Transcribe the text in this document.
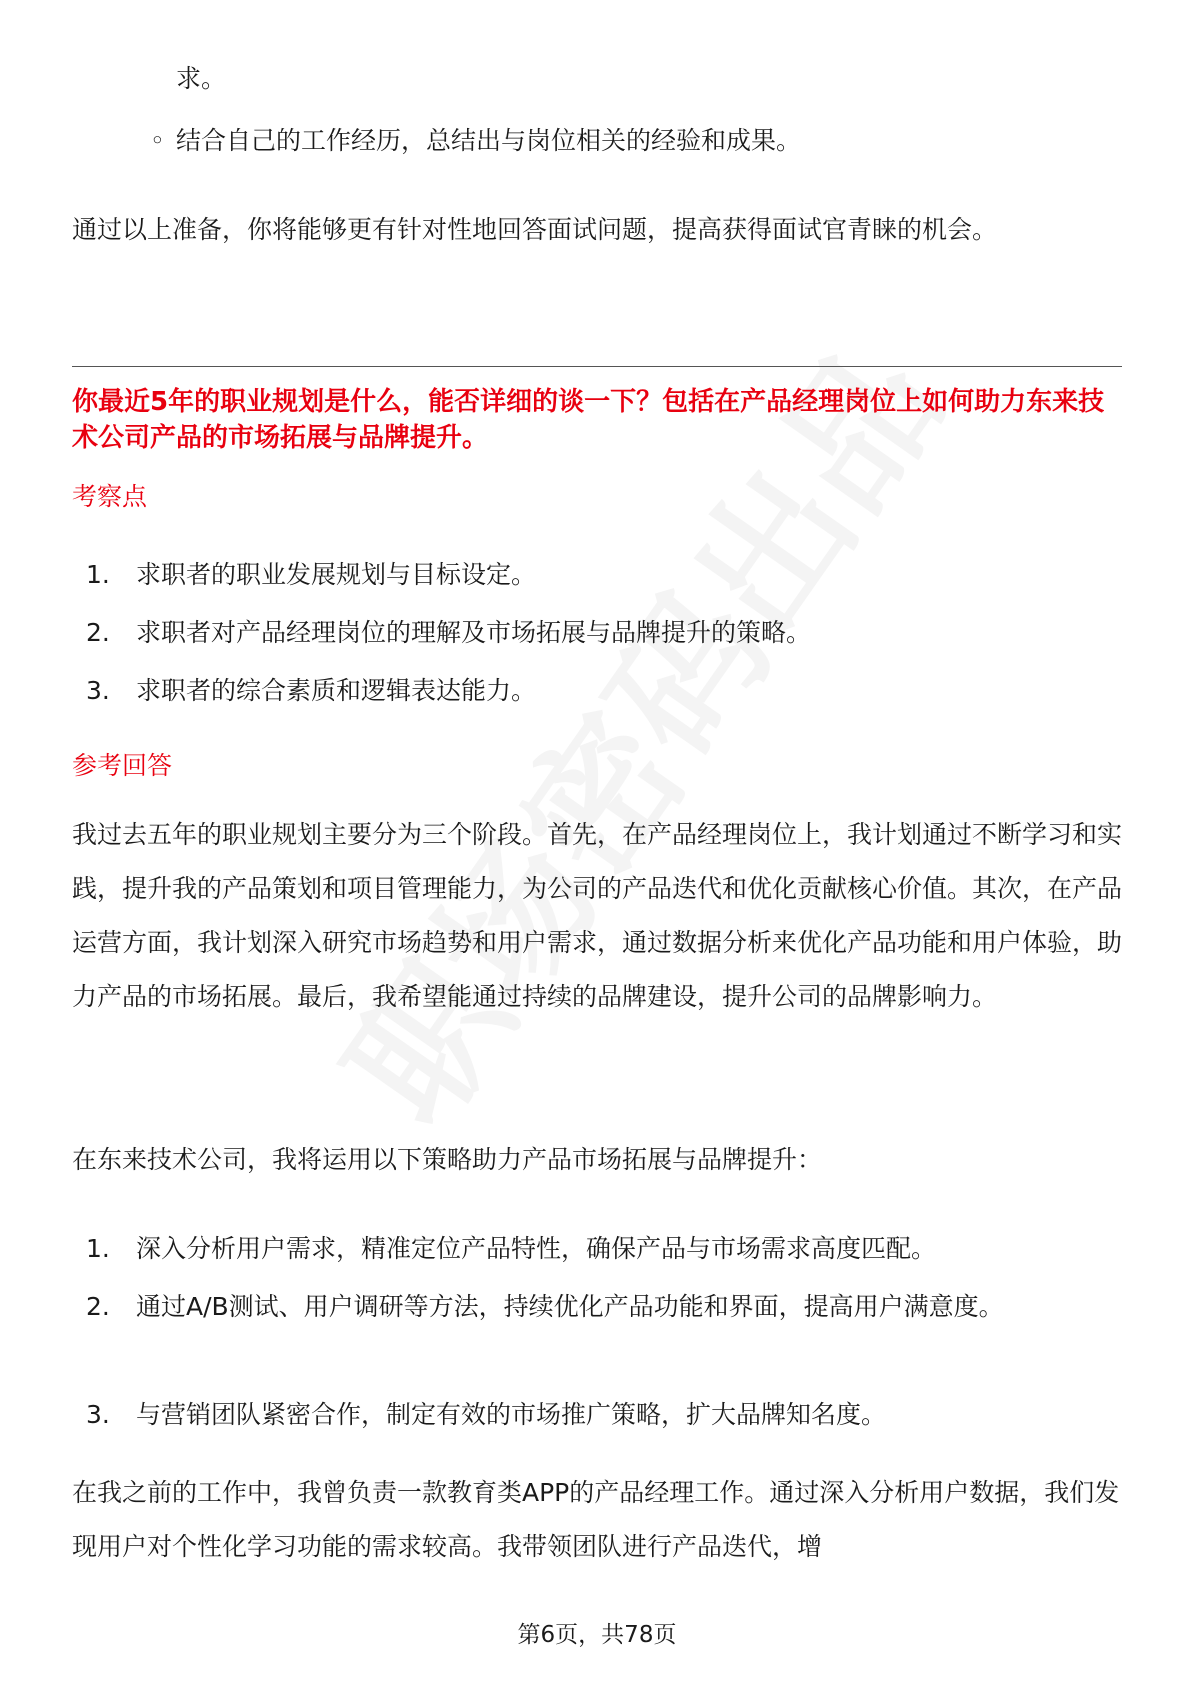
求。

◦ 结合自己的工作经历，总结出与岗位相关的经验和成果。

通过以上准备，你将能够更有针对性地回答面试问题，提高获得面试官青睐的机会。

你最近5年的职业规划是什么，能否详细的谈一下？包括在产品经理岗位上如何助力东来技术公司产品的市场拓展与品牌提升。

考察点

1.	求职者的职业发展规划与目标设定。
2.	求职者对产品经理岗位的理解及市场拓展与品牌提升的策略。
3.	求职者的综合素质和逻辑表达能力。

参考回答

我过去五年的职业规划主要分为三个阶段。首先，在产品经理岗位上，我计划通过不断学习和实践，提升我的产品策划和项目管理能力，为公司的产品迭代和优化贡献核心价值。其次，在产品运营方面，我计划深入研究市场趋势和用户需求，通过数据分析来优化产品功能和用户体验，助力产品的市场拓展。最后，我希望能通过持续的品牌建设，提升公司的品牌影响力。

在东来技术公司，我将运用以下策略助力产品市场拓展与品牌提升：

1.	深入分析用户需求，精准定位产品特性，确保产品与市场需求高度匹配。
2.	通过A/B测试、用户调研等方法，持续优化产品功能和界面，提高用户满意度。
3.	与营销团队紧密合作，制定有效的市场推广策略，扩大品牌知名度。

在我之前的工作中，我曾负责一款教育类APP的产品经理工作。通过深入分析用户数据，我们发现用户对个性化学习功能的需求较高。我带领团队进行产品迭代，增

第6页，共78页
